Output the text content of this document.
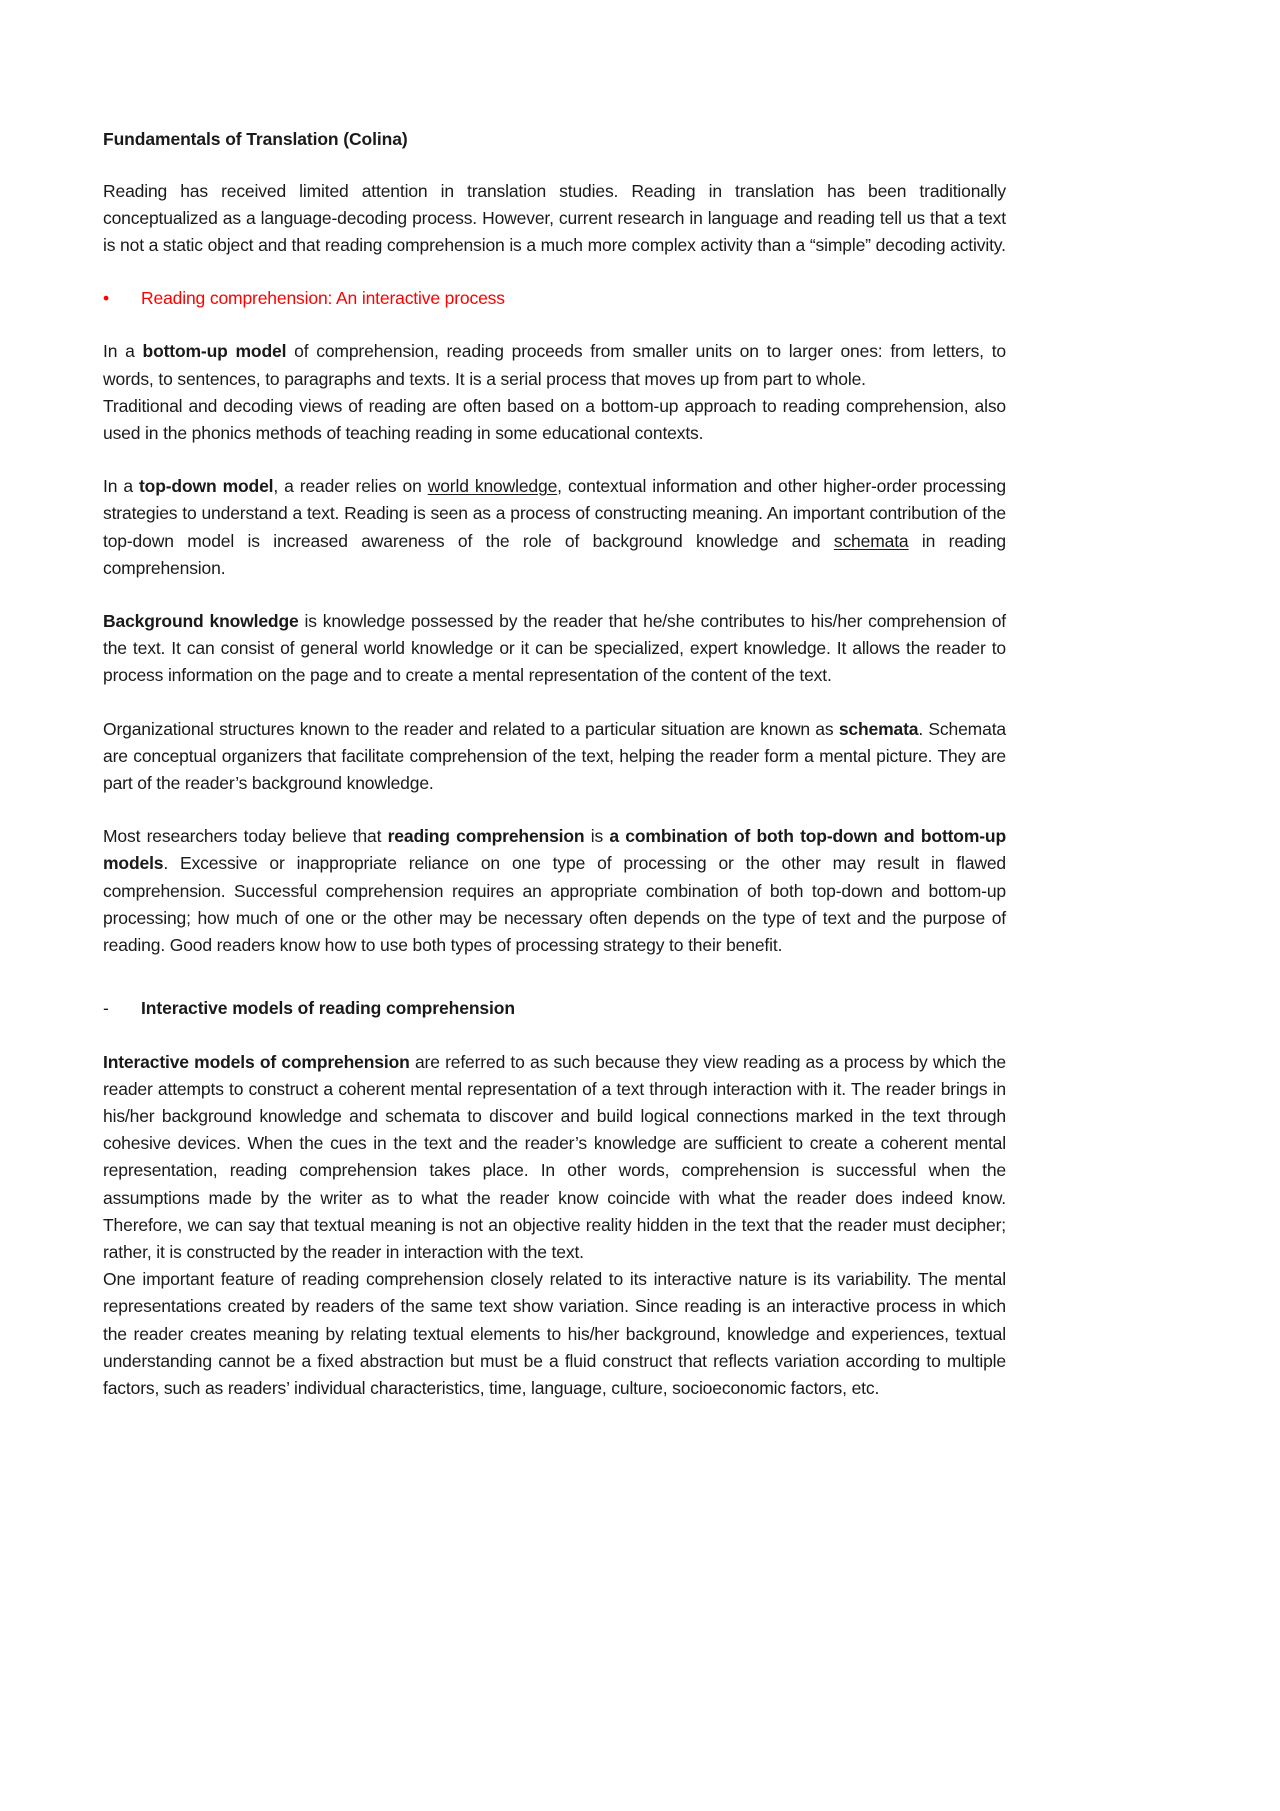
Fundamentals of Translation (Colina)

Reading has received limited attention in translation studies. Reading in translation has been traditionally conceptualized as a language-decoding process. However, current research in language and reading tell us that a text is not a static object and that reading comprehension is a much more complex activity than a “simple” decoding activity.

•	Reading comprehension: An interactive process

In a bottom-up model of comprehension, reading proceeds from smaller units on to larger ones: from letters, to words, to sentences, to paragraphs and texts. It is a serial process that moves up from part to whole.

Traditional and decoding views of reading are often based on a bottom-up approach to reading comprehension, also used in the phonics methods of teaching reading in some educational contexts.

In a top-down model, a reader relies on world knowledge, contextual information and other higher-order processing strategies to understand a text. Reading is seen as a process of constructing meaning. An important contribution of the top-down model is increased awareness of the role of background knowledge and schemata in reading comprehension.

Background knowledge is knowledge possessed by the reader that he/she contributes to his/her comprehension of the text. It can consist of general world knowledge or it can be specialized, expert knowledge. It allows the reader to process information on the page and to create a mental representation of the content of the text.

Organizational structures known to the reader and related to a particular situation are known as schemata. Schemata are conceptual organizers that facilitate comprehension of the text, helping the reader form a mental picture. They are part of the reader’s background knowledge.

Most researchers today believe that reading comprehension is a combination of both top-down and bottom-up models. Excessive or inappropriate reliance on one type of processing or the other may result in flawed comprehension. Successful comprehension requires an appropriate combination of both top-down and bottom-up processing; how much of one or the other may be necessary often depends on the type of text and the purpose of reading. Good readers know how to use both types of processing strategy to their benefit.

-	Interactive models of reading comprehension

Interactive models of comprehension are referred to as such because they view reading as a process by which the reader attempts to construct a coherent mental representation of a text through interaction with it. The reader brings in his/her background knowledge and schemata to discover and build logical connections marked in the text through cohesive devices. When the cues in the text and the reader’s knowledge are sufficient to create a coherent mental representation, reading comprehension takes place. In other words, comprehension is successful when the assumptions made by the writer as to what the reader know coincide with what the reader does indeed know. Therefore, we can say that textual meaning is not an objective reality hidden in the text that the reader must decipher; rather, it is constructed by the reader in interaction with the text.

One important feature of reading comprehension closely related to its interactive nature is its variability. The mental representations created by readers of the same text show variation. Since reading is an interactive process in which the reader creates meaning by relating textual elements to his/her background, knowledge and experiences, textual understanding cannot be a fixed abstraction but must be a fluid construct that reflects variation according to multiple factors, such as readers’ individual characteristics, time, language, culture, socioeconomic factors, etc.
